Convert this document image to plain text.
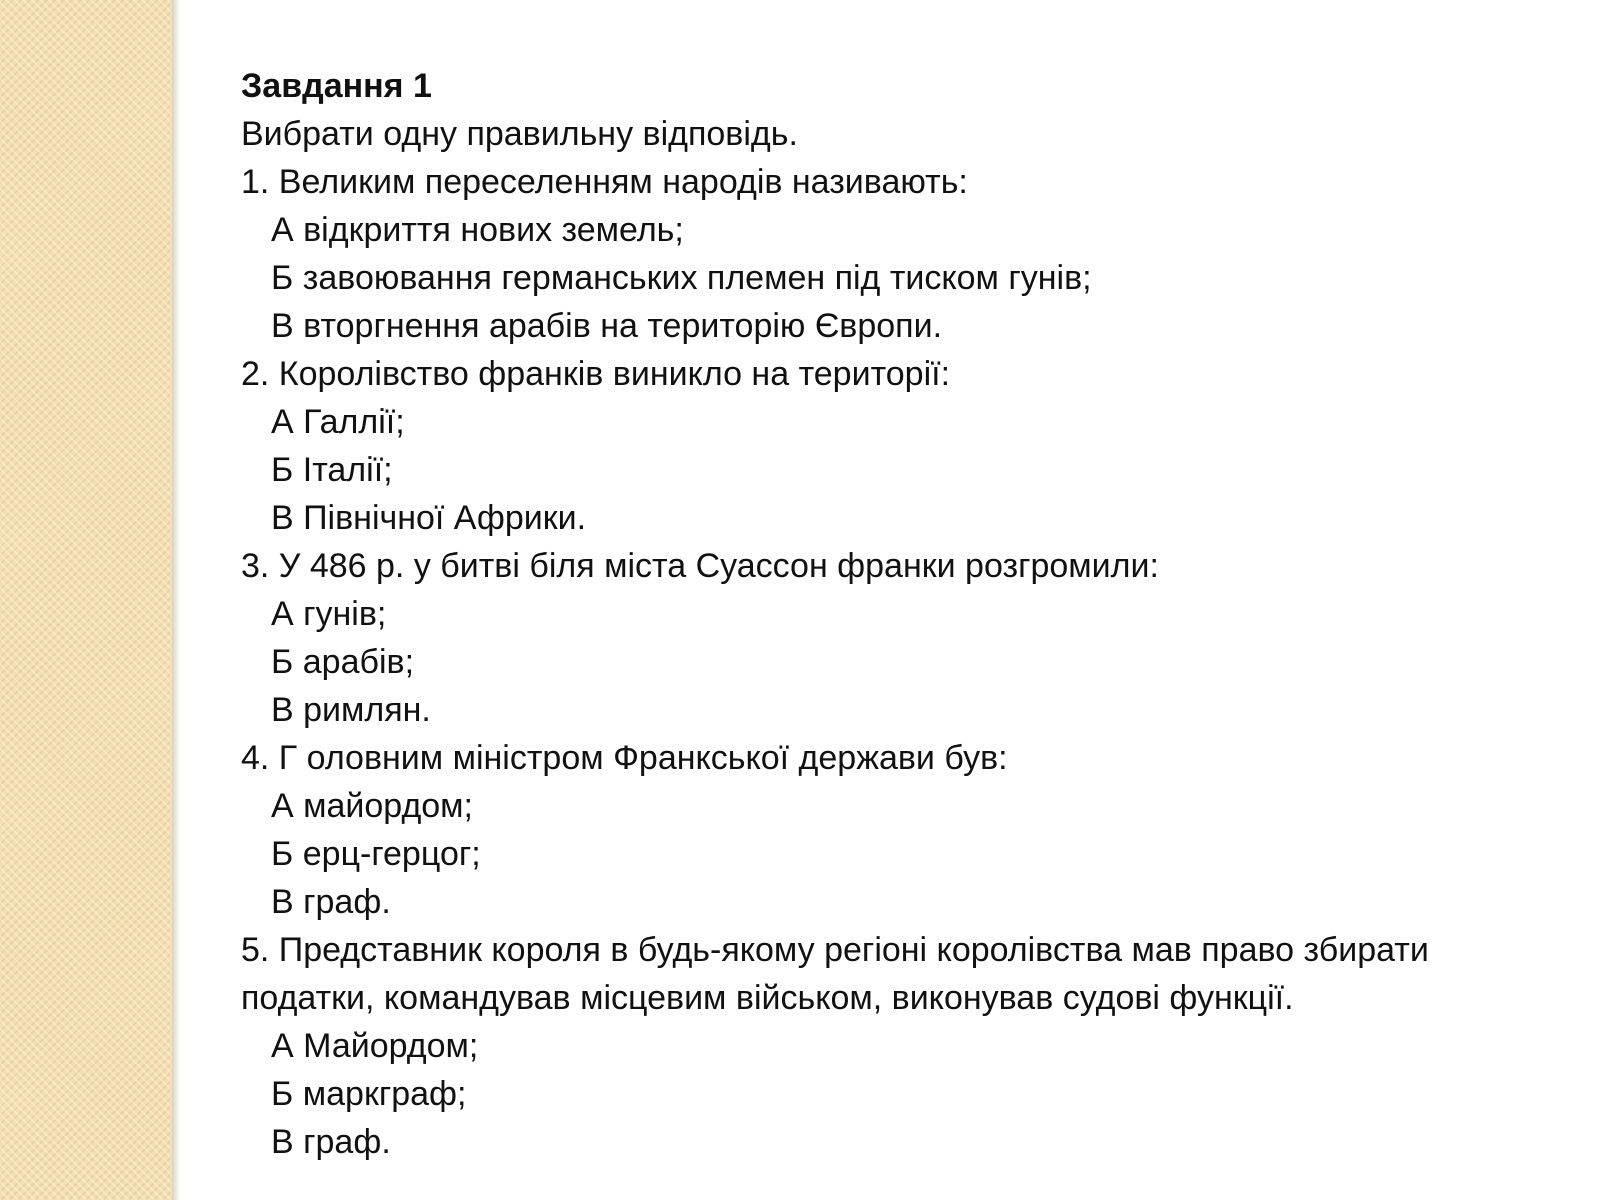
Завдання 1
Вибрати одну правильну відповідь.
1. Великим переселенням народів називають:
А відкриття нових земель;
Б завоювання германських племен під тиском гунів;
В вторгнення арабів на територію Європи.
2. Королівство франків виникло на території:
А Галлії;
Б Італії;
В Північної Африки.
3. У 486 р. у битві біля міста Суассон франки розгромили:
А гунів;
Б арабів;
В римлян.
4. Г оловним міністром Франкської держави був:
А майордом;
Б ерц-герцог;
В граф.
5. Представник короля в будь-якому регіоні королівства мав право збирати
податки, командував місцевим військом, виконував судові функції.
А Майордом;
Б маркграф;
В граф.
